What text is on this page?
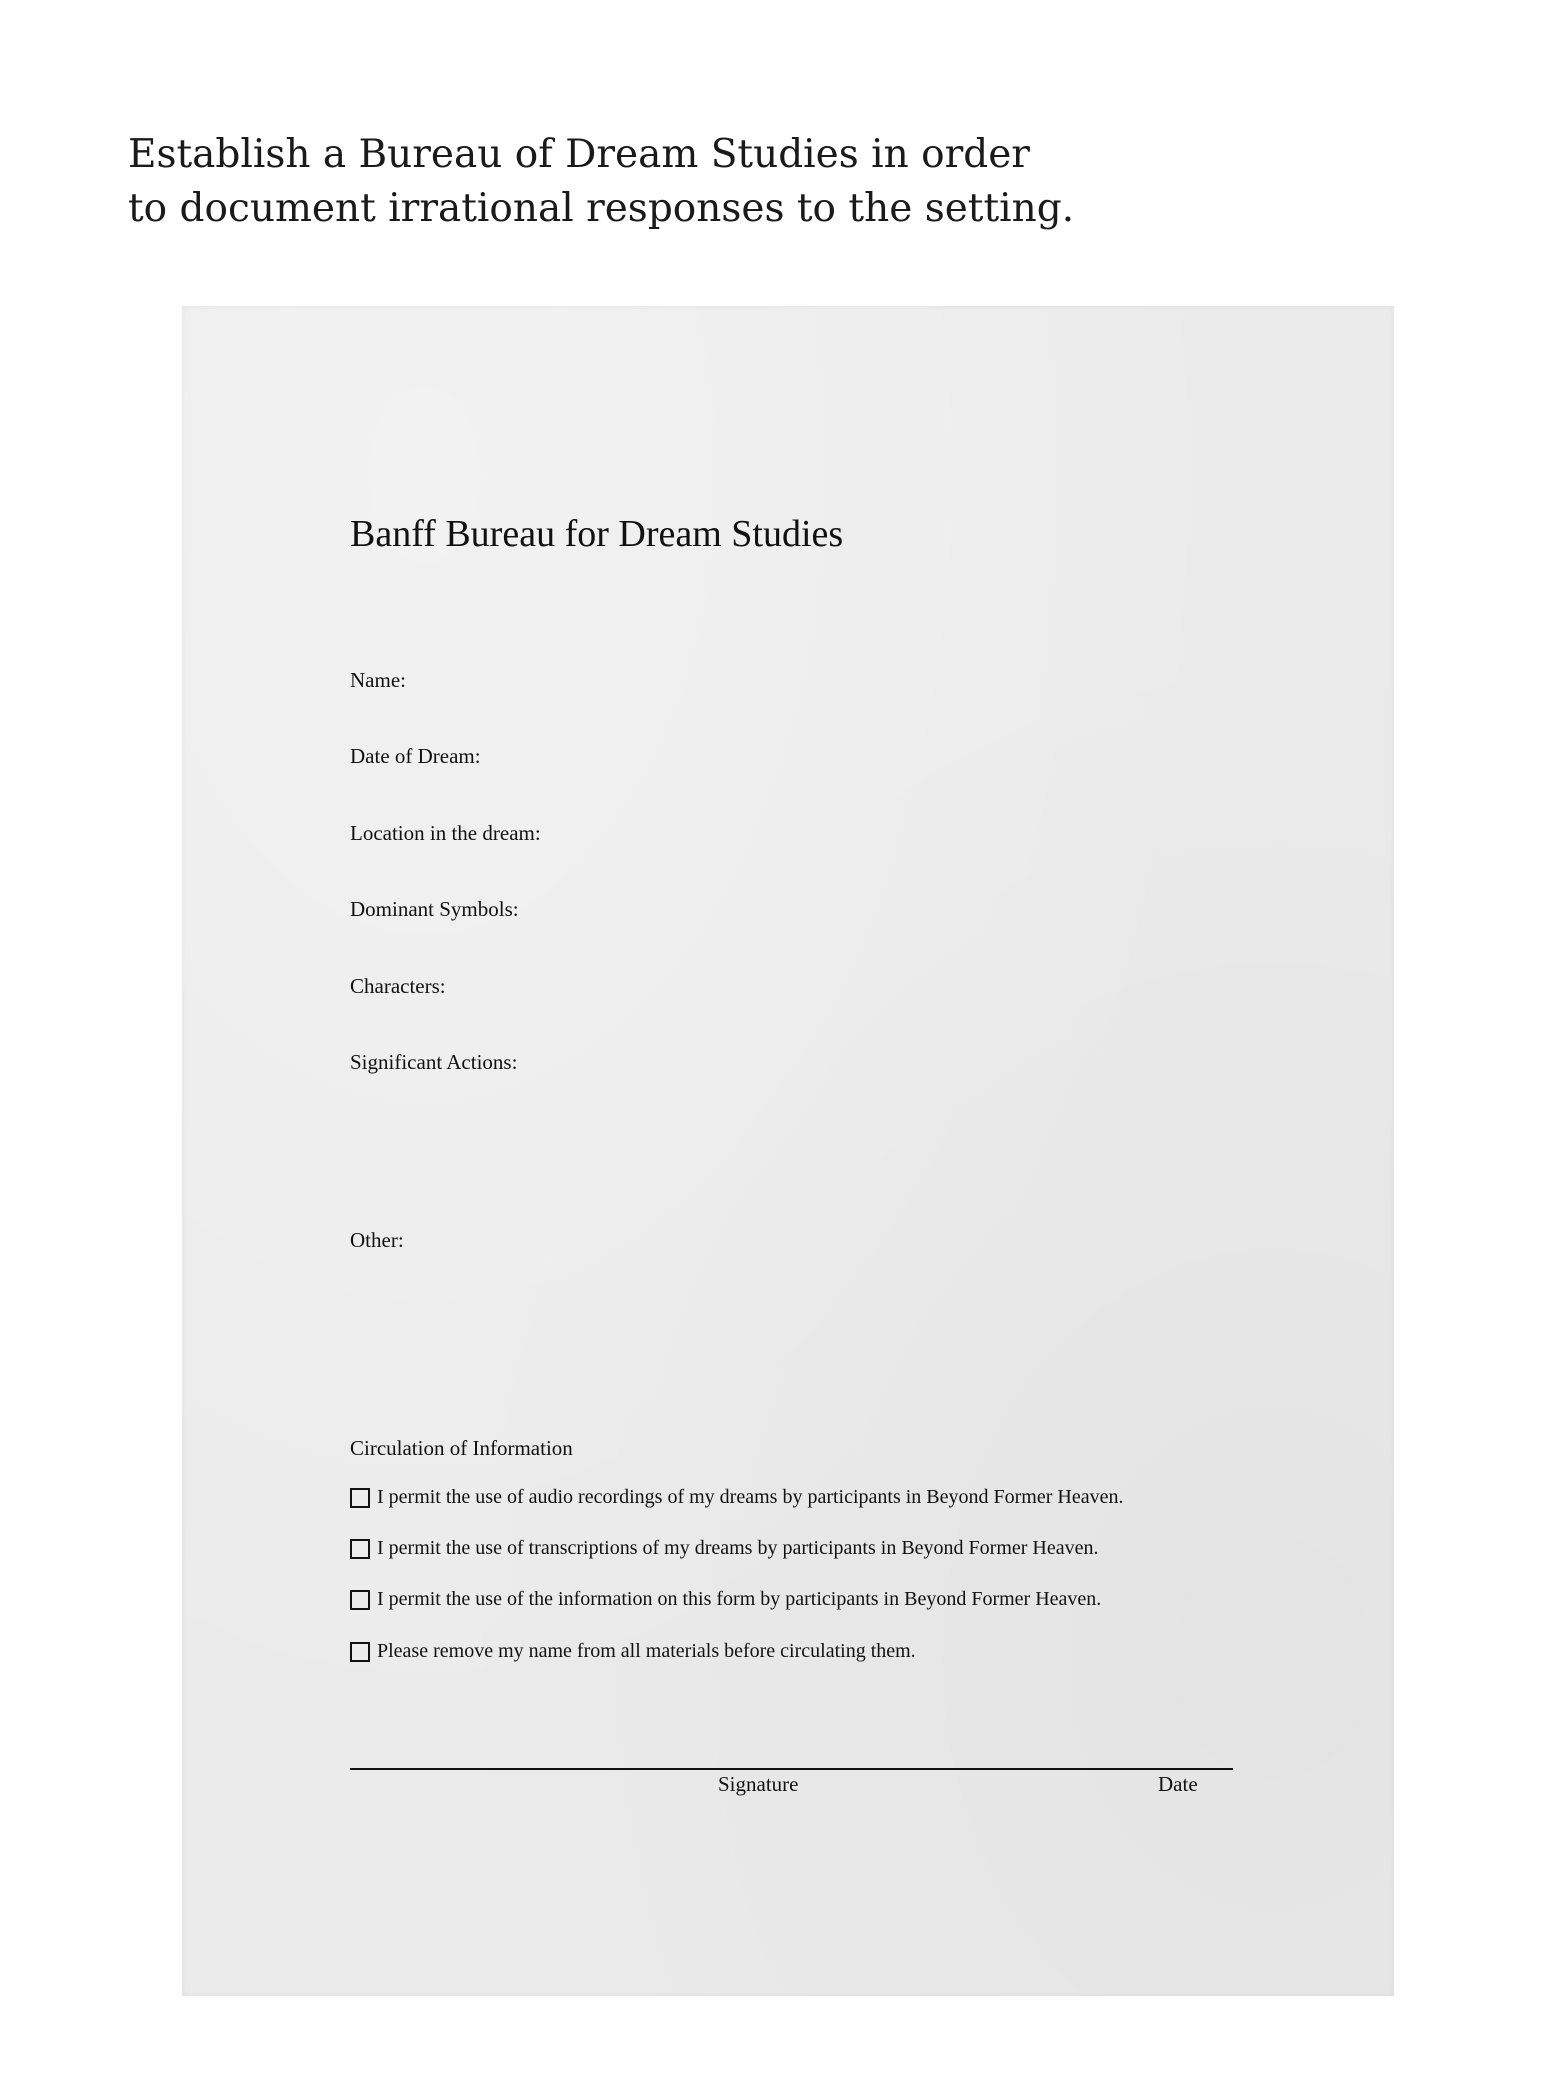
Establish a Bureau of Dream Studies in order
to document irrational responses to the setting.
Banff Bureau for Dream Studies
Name:
Date of Dream:
Location in the dream:
Dominant Symbols:
Characters:
Significant Actions:
Other:
Circulation of Information
I permit the use of audio recordings of my dreams by participants in Beyond Former Heaven.
I permit the use of transcriptions of my dreams by participants in Beyond Former Heaven.
I permit the use of the information on this form by participants in Beyond Former Heaven.
Please remove my name from all materials before circulating them.
Signature	Date
